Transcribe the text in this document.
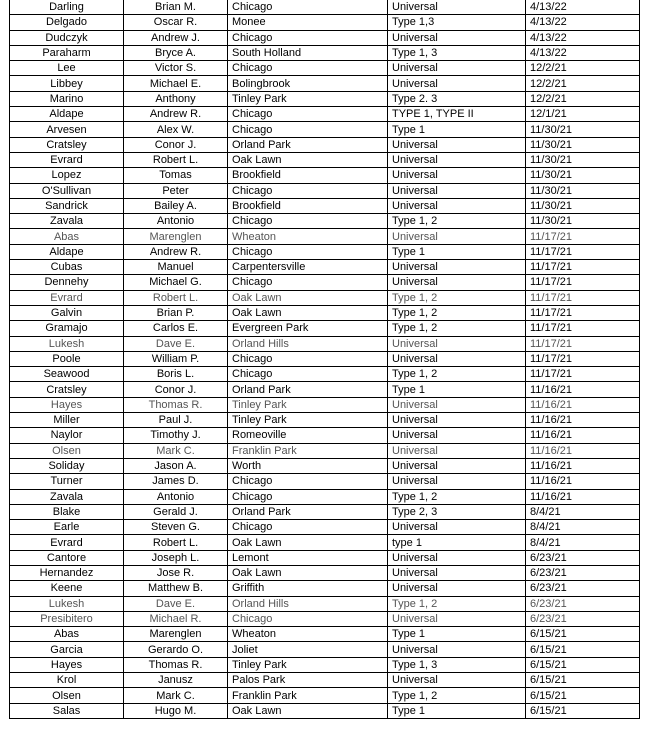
Darling	Brian M.	Chicago	Universal	4/13/22
Delgado	Oscar R.	Monee	Type 1,3	4/13/22
Dudczyk	Andrew J.	Chicago	Universal	4/13/22
Paraharm	Bryce A.	South Holland	Type 1, 3	4/13/22
Lee	Victor S.	Chicago	Universal	12/2/21
Libbey	Michael E.	Bolingbrook	Universal	12/2/21
Marino	Anthony	Tinley Park	Type 2. 3	12/2/21
Aldape	Andrew R.	Chicago	TYPE 1, TYPE II	12/1/21
Arvesen	Alex W.	Chicago	Type 1	11/30/21
Cratsley	Conor J.	Orland Park	Universal	11/30/21
Evrard	Robert L.	Oak Lawn	Universal	11/30/21
Lopez	Tomas	Brookfield	Universal	11/30/21
O'Sullivan	Peter	Chicago	Universal	11/30/21
Sandrick	Bailey A.	Brookfield	Universal	11/30/21
Zavala	Antonio	Chicago	Type 1, 2	11/30/21
Abas	Marenglen	Wheaton	Universal	11/17/21
Aldape	Andrew R.	Chicago	Type 1	11/17/21
Cubas	Manuel	Carpentersville	Universal	11/17/21
Dennehy	Michael G.	Chicago	Universal	11/17/21
Evrard	Robert L.	Oak Lawn	Type 1, 2	11/17/21
Galvin	Brian P.	Oak Lawn	Type 1, 2	11/17/21
Gramajo	Carlos E.	Evergreen Park	Type 1, 2	11/17/21
Lukesh	Dave E.	Orland Hills	Universal	11/17/21
Poole	William P.	Chicago	Universal	11/17/21
Seawood	Boris L.	Chicago	Type 1, 2	11/17/21
Cratsley	Conor J.	Orland Park	Type 1	11/16/21
Hayes	Thomas R.	Tinley Park	Universal	11/16/21
Miller	Paul J.	Tinley Park	Universal	11/16/21
Naylor	Timothy J.	Romeoville	Universal	11/16/21
Olsen	Mark C.	Franklin Park	Universal	11/16/21
Soliday	Jason A.	Worth	Universal	11/16/21
Turner	James D.	Chicago	Universal	11/16/21
Zavala	Antonio	Chicago	Type 1, 2	11/16/21
Blake	Gerald J.	Orland Park	Type 2, 3	8/4/21
Earle	Steven G.	Chicago	Universal	8/4/21
Evrard	Robert L.	Oak Lawn	type 1	8/4/21
Cantore	Joseph L.	Lemont	Universal	6/23/21
Hernandez	Jose R.	Oak Lawn	Universal	6/23/21
Keene	Matthew B.	Griffith	Universal	6/23/21
Lukesh	Dave E.	Orland Hills	Type 1, 2	6/23/21
Presibitero	Michael R.	Chicago	Universal	6/23/21
Abas	Marenglen	Wheaton	Type 1	6/15/21
Garcia	Gerardo O.	Joliet	Universal	6/15/21
Hayes	Thomas R.	Tinley Park	Type 1, 3	6/15/21
Krol	Janusz	Palos Park	Universal	6/15/21
Olsen	Mark C.	Franklin Park	Type 1, 2	6/15/21
Salas	Hugo M.	Oak Lawn	Type 1	6/15/21
